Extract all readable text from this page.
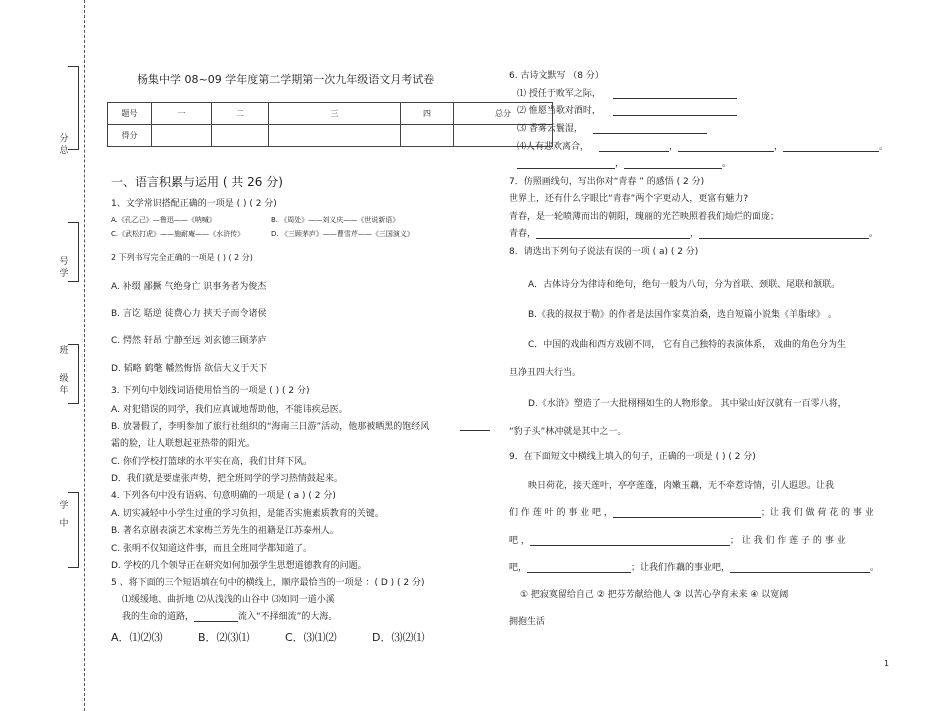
分
总
号
学
班
级
年
学
中
杨集中学 08~09 学年度第二学期第一次九年级语文月考试卷
题号	一	二	三	四	总分
得分					
一、语言积累与运用 ( 共 26 分)
1、文学常识搭配正确的一项是 ( ) ( 2 分)
A.《孔乙己》—鲁迅——《呐喊》	B. 《周处》——刘义庆——《世说新语》
C.《武松打虎》——施耐庵——《水浒传》	D. 《三顾茅庐》——曹雪芹——《三国演义》
2 下列书写完全正确的一项是 ( ) ( 2 分)
A. 补缀 鄙撅 气绝身亡 识事务者为俊杰
B. 言讫 聒逆 徒费心力 挟天子而令诸侯
C. 愕然 轩昂 宁静至远 刘玄德三顾茅庐
D. 韬略 鹤氅 幡然悔悟 欲信大义于天下
3. 下列句中划线词语使用恰当的一项是 ( ) ( 2 分)
A. 对犯错误的同学，我们应真诚地帮助他，不能讳疾忌医。
B. 放暑假了，李明参加了旅行社组织的“海南三日游”活动，他那被晒黑的饱经风
霜的脸，让人联想起亚热带的阳光。
C. 你们学校打篮球的水平实在高，我们甘拜下风。
D．我们就是要虚张声势，把全班同学的学习热情鼓起来。
4. 下列各句中没有语病、句意明确的一项是 ( a ) ( 2 分)
A. 切实减轻中小学生过重的学习负担，是能否实施素质教育的关键。
B. 著名京剧表演艺术家梅兰芳先生的祖籍是江苏泰州人。
C. 张明不仅知道这件事，而且全班同学都知道了。
D. 学校的几个领导正在研究如何加强学生思想道德教育的问题。
5 、将下面的三个短语填在句中的横线上，顺序最恰当的一项是 ：( D ) ( 2 分)
⑴缓缓地、曲折地 ⑵从浅浅的山谷中 ⑶如同一道小溪
我的生命的道路，	流入“不择细流”的大海。
A．⑴⑵⑶	B．⑵⑶⑴	C．⑶⑴⑵	D．⑶⑵⑴
6. 古诗文默写 （8 分）
⑴ 授任于败军之际，
⑵ 惟愿当歌对酒时，
⑶ 香雾云鬟湿，
⑷人有悲欢离合，	，	，	。
，	。
7．仿照画线句，写出你对“青春 ” 的感悟 ( 2 分)
世界上，还有什么字眼比“青春”两个字更动人，更富有魅力?
青春，是一轮喷薄而出的朝阳，瑰丽的光芒映照着我们灿烂的面庞；
青春，	，	。
8．请选出下列句子说法有误的一项 ( a) ( 2 分)
A．古体诗分为律诗和绝句，绝句一般为八句，分为首联、颈联、尾联和颔联。
B.《我的叔叔于勒》的作者是法国作家莫泊桑，选自短篇小说集《羊脂球》 。
C．中国的戏曲和西方戏剧不同， 它有自己独特的表演体系， 戏曲的角色分为生
旦净丑四大行当。
D.《水浒》塑造了一大批栩栩如生的人物形象。 其中梁山好汉就有一百零八将，
“豹子头”林冲就是其中之一。
9．在下面短文中横线上填入的句子，正确的一项是 ( ) ( 2 分)
映日荷花，接天莲叶，亭亭莲蓬，肉嫩玉藕，无不牵惹诗情，引人遐思。让我
们 作 莲 叶 的 事 业 吧 ，	；让 我 们 做 荷 花 的 事 业
吧 ，	； 让 我 们 作 莲 子 的 事 业
吧，	；让我们作藕的事业吧，	。
① 把寂寞留给自己 ② 把芬芳献给他人 ③ 以苦心孕育未来 ④ 以宽阔
拥抱生活
1
